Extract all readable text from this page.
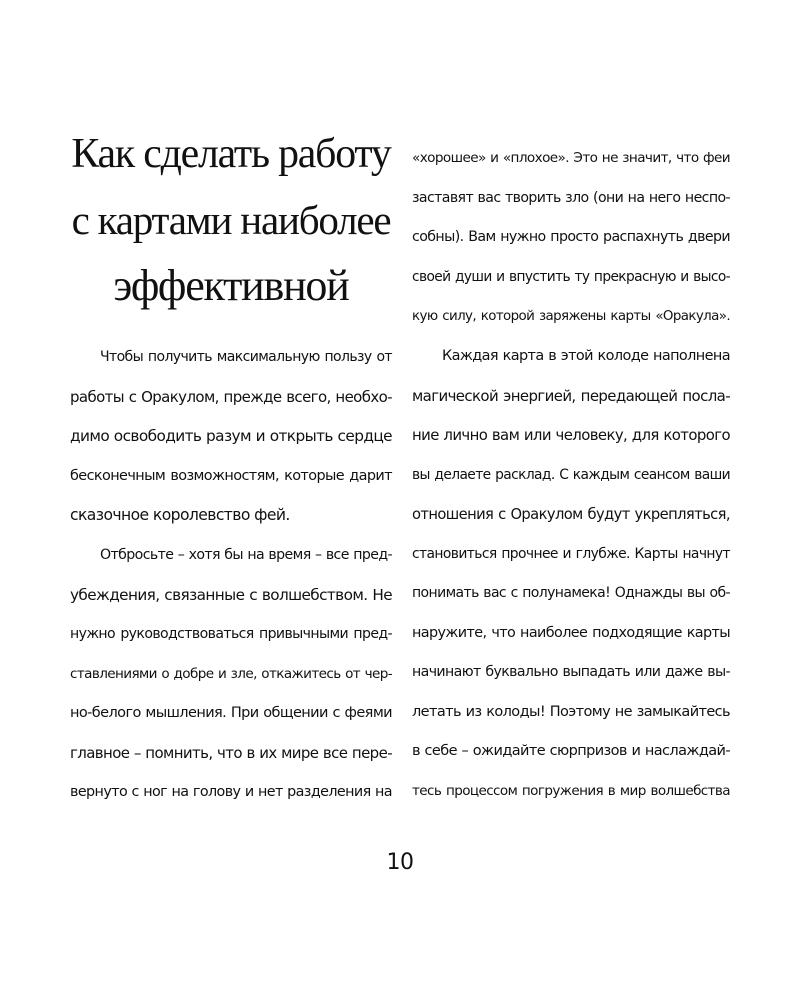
Как сделать работу
с картами наиболее
эффективной
Чтобы получить максимальную пользу от
работы с Оракулом, прежде всего, необхо-
димо освободить разум и открыть сердце
бесконечным возможностям, которые дарит
сказочное королевство фей.
Отбросьте – хотя бы на время – все пред-
убеждения, связанные с волшебством. Не
нужно руководствоваться привычными пред-
ставлениями о добре и зле, откажитесь от чер-
но-белого мышления. При общении с феями
главное – помнить, что в их мире все пере-
вернуто с ног на голову и нет разделения на
«хорошее» и «плохое». Это не значит, что феи
заставят вас творить зло (они на него неспо-
собны). Вам нужно просто распахнуть двери
своей души и впустить ту прекрасную и высо-
кую силу, которой заряжены карты «Оракула».
Каждая карта в этой колоде наполнена
магической энергией, передающей посла-
ние лично вам или человеку, для которого
вы делаете расклад. С каждым сеансом ваши
отношения с Оракулом будут укрепляться,
становиться прочнее и глубже. Карты начнут
понимать вас с полунамека! Однажды вы об-
наружите, что наиболее подходящие карты
начинают буквально выпадать или даже вы-
летать из колоды! Поэтому не замыкайтесь
в себе – ожидайте сюрпризов и наслаждай-
тесь процессом погружения в мир волшебства
10
